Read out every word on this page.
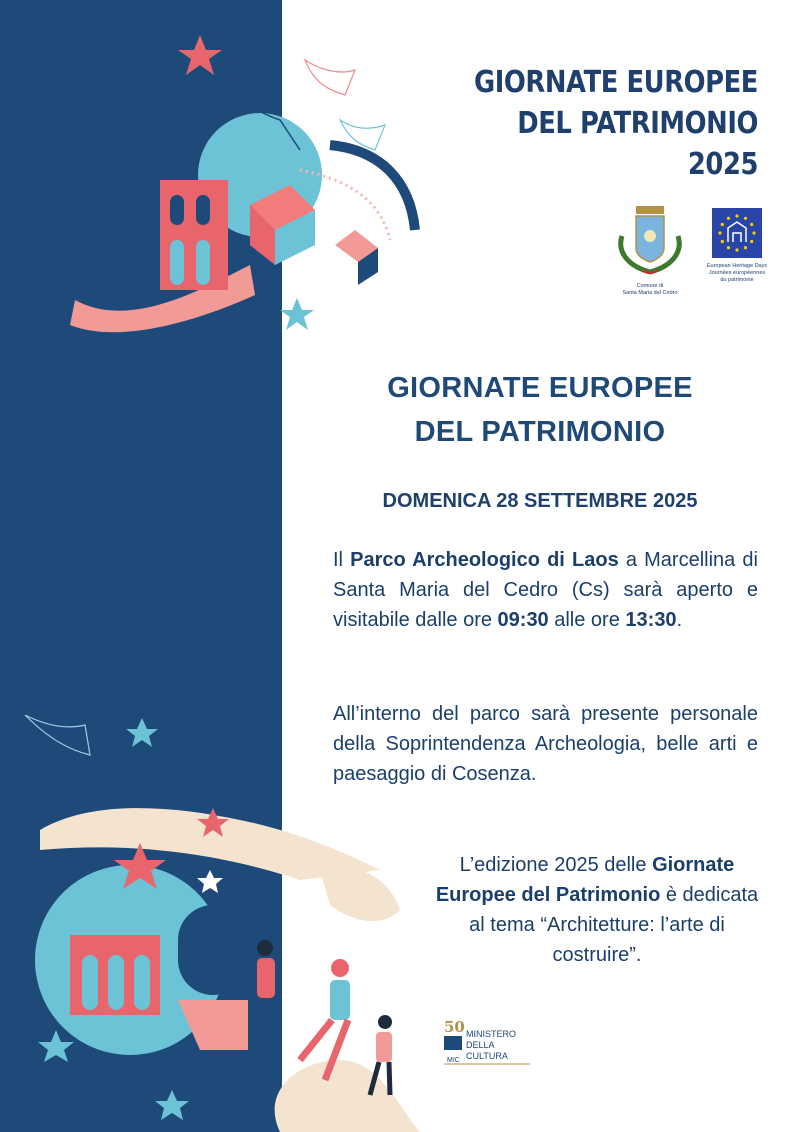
GIORNATE EUROPEE
DEL PATRIMONIO
2025
Comune di
Santa Maria del Cedro
European Heritage Days
Journées européennes
du patrimoine
GIORNATE EUROPEE
DEL PATRIMONIO
DOMENICA 28 SETTEMBRE 2025
Il Parco Archeologico di Laos a Marcellina di Santa Maria del Cedro (Cs) sarà aperto e visitabile dalle ore 09:30 alle ore 13:30.
All’interno del parco sarà presente personale della Soprintendenza Archeologia, belle arti e paesaggio di Cosenza.
L’edizione 2025 delle Giornate Europee del Patrimonio è dedicata al tema “Architetture: l’arte di costruire”.
50
MIC
MINISTERO
DELLA
CULTURA
